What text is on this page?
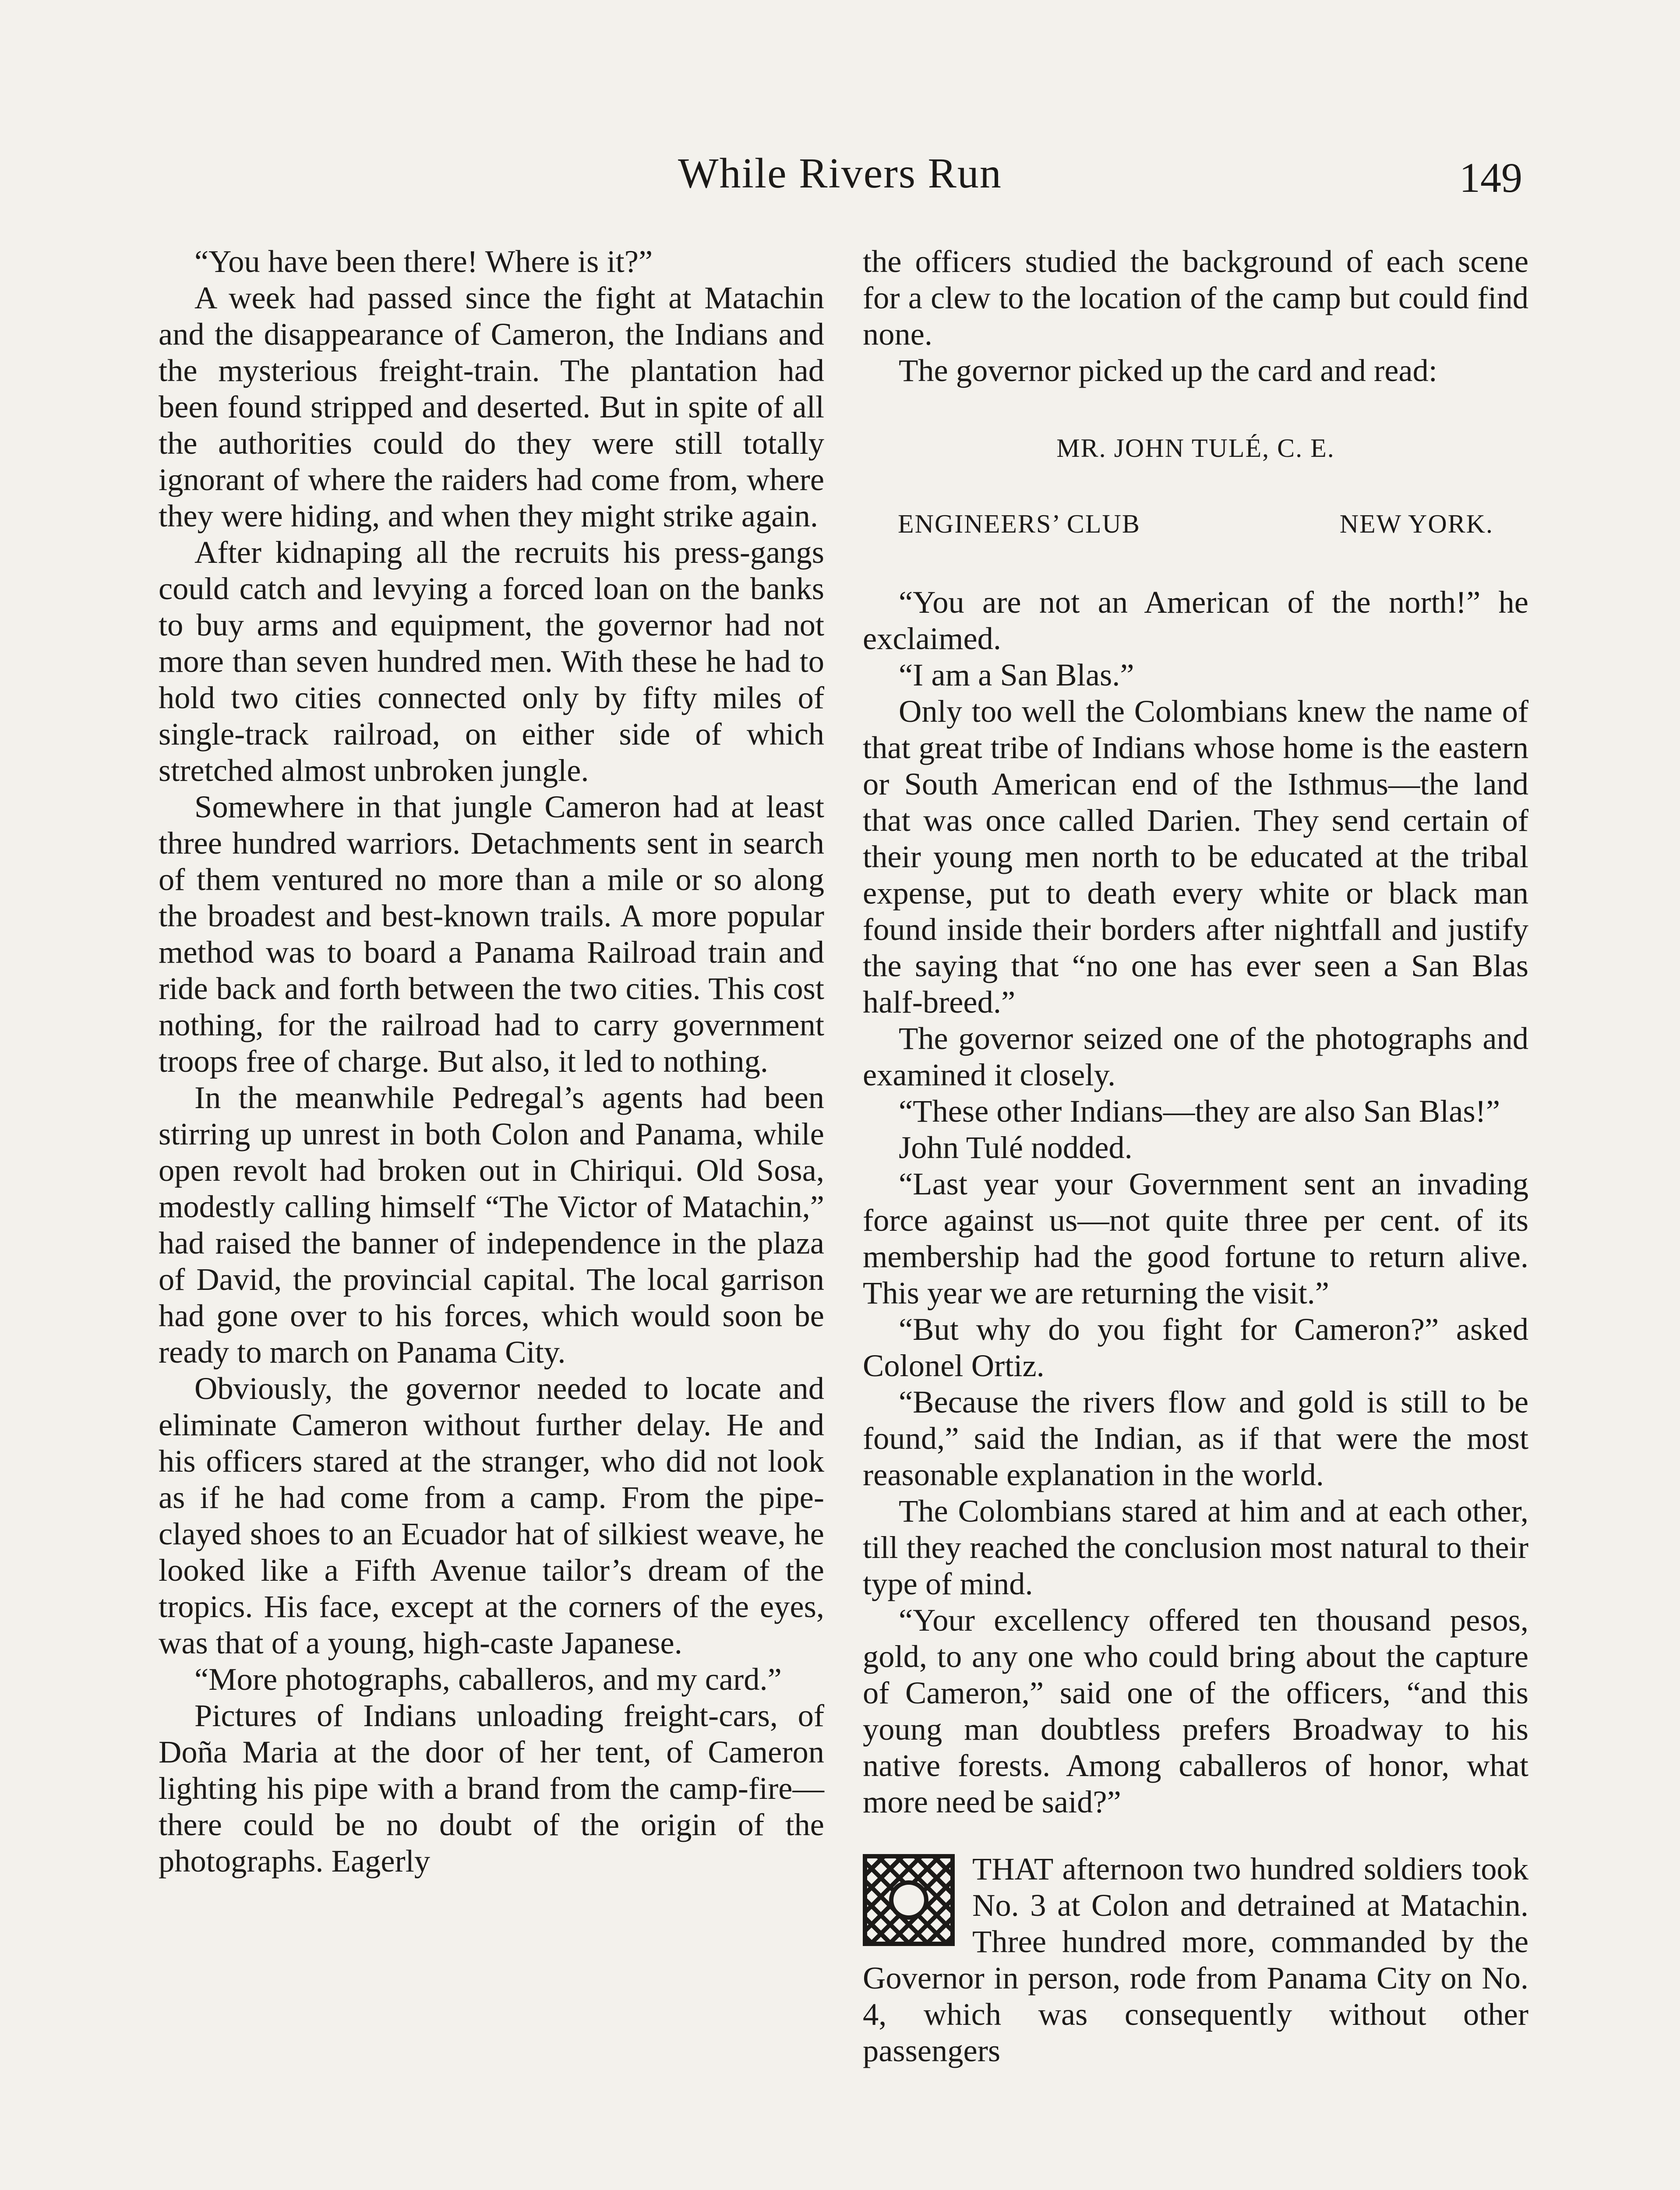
While Rivers Run	149

“You have been there! Where is it?”

A week had passed since the fight at Matachin and the disappearance of Cameron, the Indians and the mysterious freight-train. The plantation had been found stripped and deserted. But in spite of all the authorities could do they were still totally ignorant of where the raiders had come from, where they were hiding, and when they might strike again.

After kidnaping all the recruits his press-gangs could catch and levying a forced loan on the banks to buy arms and equipment, the governor had not more than seven hundred men. With these he had to hold two cities connected only by fifty miles of single-track railroad, on either side of which stretched almost unbroken jungle.

Somewhere in that jungle Cameron had at least three hundred warriors. Detachments sent in search of them ventured no more than a mile or so along the broadest and best-known trails. A more popular method was to board a Panama Railroad train and ride back and forth between the two cities. This cost nothing, for the railroad had to carry government troops free of charge. But also, it led to nothing.

In the meanwhile Pedregal’s agents had been stirring up unrest in both Colon and Panama, while open revolt had broken out in Chiriqui. Old Sosa, modestly calling himself “The Victor of Matachin,” had raised the banner of independence in the plaza of David, the provincial capital. The local garrison had gone over to his forces, which would soon be ready to march on Panama City.

Obviously, the governor needed to locate and eliminate Cameron without further delay. He and his officers stared at the stranger, who did not look as if he had come from a camp. From the pipe-clayed shoes to an Ecuador hat of silkiest weave, he looked like a Fifth Avenue tailor’s dream of the tropics. His face, except at the corners of the eyes, was that of a young, high-caste Japanese.

“More photographs, caballeros, and my card.”

Pictures of Indians unloading freight-cars, of Doña Maria at the door of her tent, of Cameron lighting his pipe with a brand from the camp-fire—there could be no doubt of the origin of the photographs. Eagerly

the officers studied the background of each scene for a clew to the location of the camp but could find none.

The governor picked up the card and read:

MR. JOHN TULÉ, C. E.
ENGINEERS’ CLUB	NEW YORK.

“You are not an American of the north!” he exclaimed.

“I am a San Blas.”

Only too well the Colombians knew the name of that great tribe of Indians whose home is the eastern or South American end of the Isthmus—the land that was once called Darien. They send certain of their young men north to be educated at the tribal expense, put to death every white or black man found inside their borders after nightfall and justify the saying that “no one has ever seen a San Blas half-breed.”

The governor seized one of the photographs and examined it closely.

“These other Indians—they are also San Blas!”

John Tulé nodded.

“Last year your Government sent an invading force against us—not quite three per cent. of its membership had the good fortune to return alive. This year we are returning the visit.”

“But why do you fight for Cameron?” asked Colonel Ortiz.

“Because the rivers flow and gold is still to be found,” said the Indian, as if that were the most reasonable explanation in the world.

The Colombians stared at him and at each other, till they reached the conclusion most natural to their type of mind.

“Your excellency offered ten thousand pesos, gold, to any one who could bring about the capture of Cameron,” said one of the officers, “and this young man doubtless prefers Broadway to his native forests. Among caballeros of honor, what more need be said?”

THAT afternoon two hundred soldiers took No. 3 at Colon and detrained at Matachin. Three hundred more, commanded by the Governor in person, rode from Panama City on No. 4, which was consequently without other passengers
